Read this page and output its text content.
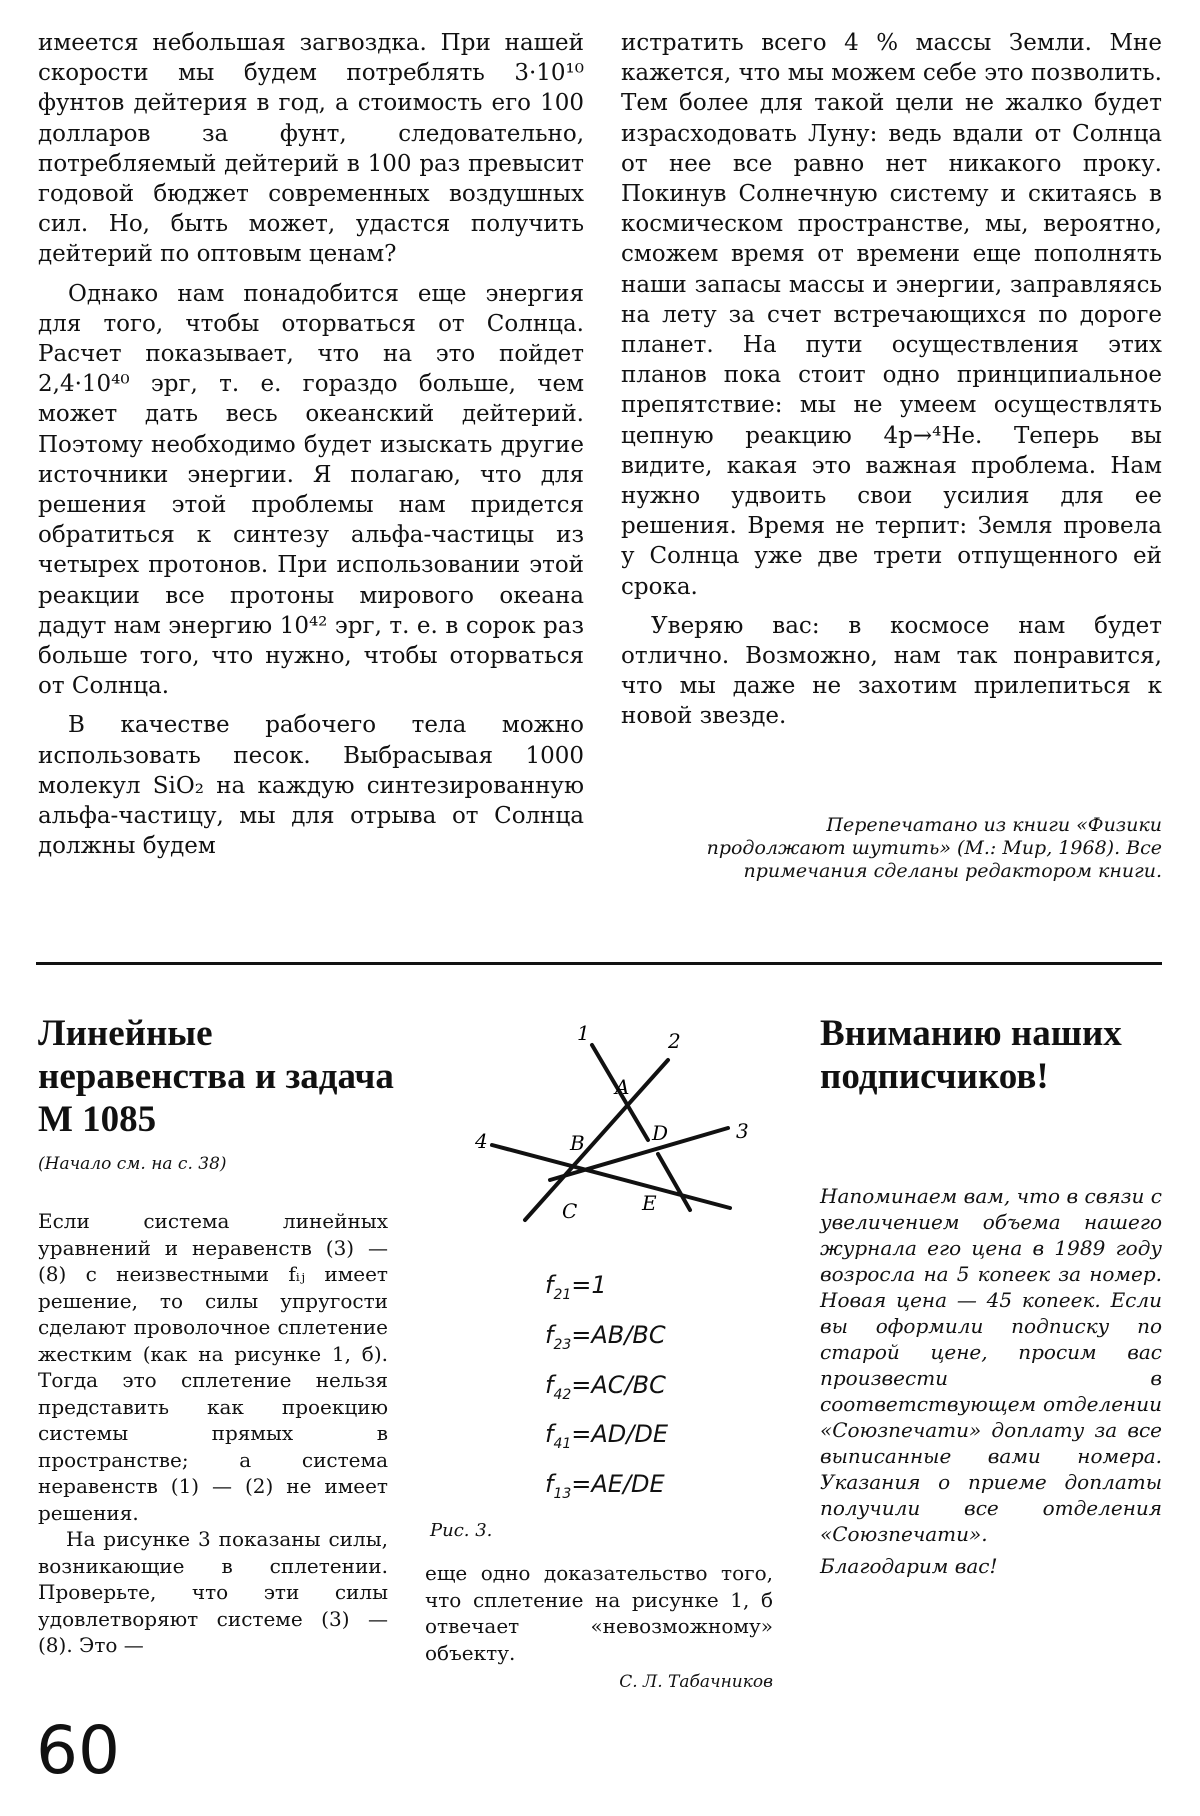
имеется небольшая загвоздка. При нашей скорости мы будем потреблять 3·10¹⁰ фунтов дейтерия в год, а стоимость его 100 долларов за фунт, следовательно, потребляемый дейтерий в 100 раз превысит годовой бюджет современных воздушных сил. Но, быть может, удастся получить дейтерий по оптовым ценам?

Однако нам понадобится еще энергия для того, чтобы оторваться от Солнца. Расчет показывает, что на это пойдет 2,4·10⁴⁰ эрг, т. е. гораздо больше, чем может дать весь океанский дейтерий. Поэтому необходимо будет изыскать другие источники энергии. Я полагаю, что для решения этой проблемы нам придется обратиться к синтезу альфа-частицы из четырех протонов. При использовании этой реакции все протоны мирового океана дадут нам энергию 10⁴² эрг, т. е. в сорок раз больше того, что нужно, чтобы оторваться от Солнца.

В качестве рабочего тела можно использовать песок. Выбрасывая 1000 молекул SiO₂ на каждую синтезированную альфа-частицу, мы для отрыва от Солнца должны будем

истратить всего 4 % массы Земли. Мне кажется, что мы можем себе это позволить. Тем более для такой цели не жалко будет израсходовать Луну: ведь вдали от Солнца от нее все равно нет никакого проку. Покинув Солнечную систему и скитаясь в космическом пространстве, мы, вероятно, сможем время от времени еще пополнять наши запасы массы и энергии, заправляясь на лету за счет встречающихся по дороге планет. На пути осуществления этих планов пока стоит одно принципиальное препятствие: мы не умеем осуществлять цепную реакцию 4p→⁴He. Теперь вы видите, какая это важная проблема. Нам нужно удвоить свои усилия для ее решения. Время не терпит: Земля провела у Солнца уже две трети отпущенного ей срока.

Уверяю вас: в космосе нам будет отлично. Возможно, нам так понравится, что мы даже не захотим прилепиться к новой звезде.

Перепечатано из книги «Физики продолжают шутить» (М.: Мир, 1968). Все примечания сделаны редактором книги.
Линейные неравенства и задача М 1085
(Начало см. на с. 38)

Если система линейных уравнений и неравенств (3) — (8) с неизвестными fᵢⱼ имеет решение, то силы упругости сделают проволочное сплетение жестким (как на рисунке 1, б). Тогда это сплетение нельзя представить как проекцию системы прямых в пространстве; а система неравенств (1) — (2) не имеет решения.

На рисунке 3 показаны силы, возникающие в сплетении. Проверьте, что эти силы удовлетворяют системе (3) — (8). Это —

1	2
3
4
A
B
C
D
E
$f_{21}=1$
$f_{23}=AB/BC$
$f_{42}=AC/BC$
$f_{41}=AD/DE$
$f_{13}=AE/DE$
Рис. 3.

еще одно доказательство того, что сплетение на рисунке 1, б отвечает «невозможному» объекту.

С. Л. Табачников
Вниманию наших подписчиков!

Напоминаем вам, что в связи с увеличением объема нашего журнала его цена в 1989 году возросла на 5 копеек за номер. Новая цена — 45 копеек. Если вы оформили подписку по старой цене, просим вас произвести в соответствующем отделении «Союзпечати» доплату за все выписанные вами номера. Указания о приеме доплаты получили все отделения «Союзпечати».

Благодарим вас!

60
